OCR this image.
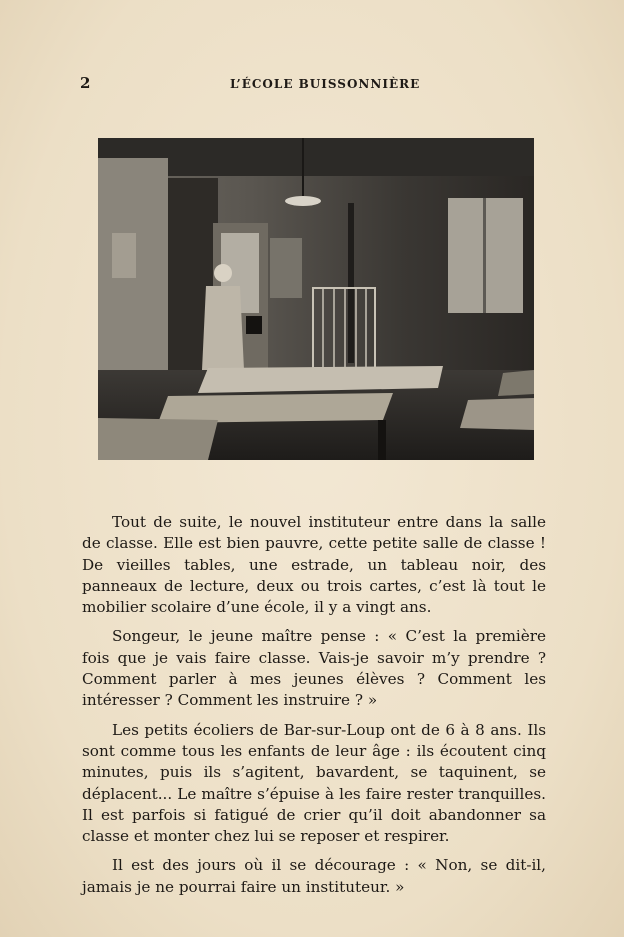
2	L’ÉCOLE BUISSONNIÈRE

Tout de suite, le nouvel instituteur entre dans la salle de classe. Elle est bien pauvre, cette petite salle de classe ! De vieilles tables, une estrade, un tableau noir, des panneaux de lecture, deux ou trois cartes, c’est là tout le mobilier scolaire d’une école, il y a vingt ans.

Songeur, le jeune maître pense : « C’est la première fois que je vais faire classe. Vais-je savoir m’y prendre ? Comment parler à mes jeunes élèves ? Comment les intéresser ? Comment les instruire ? »

Les petits écoliers de Bar-sur-Loup ont de 6 à 8 ans. Ils sont comme tous les enfants de leur âge : ils écoutent cinq minutes, puis ils s’agitent, bavardent, se taquinent, se déplacent... Le maître s’épuise à les faire rester tranquilles. Il est parfois si fatigué de crier qu’il doit abandonner sa classe et monter chez lui se reposer et respirer.

Il est des jours où il se décourage : « Non, se dit-il, jamais je ne pourrai faire un instituteur. »
